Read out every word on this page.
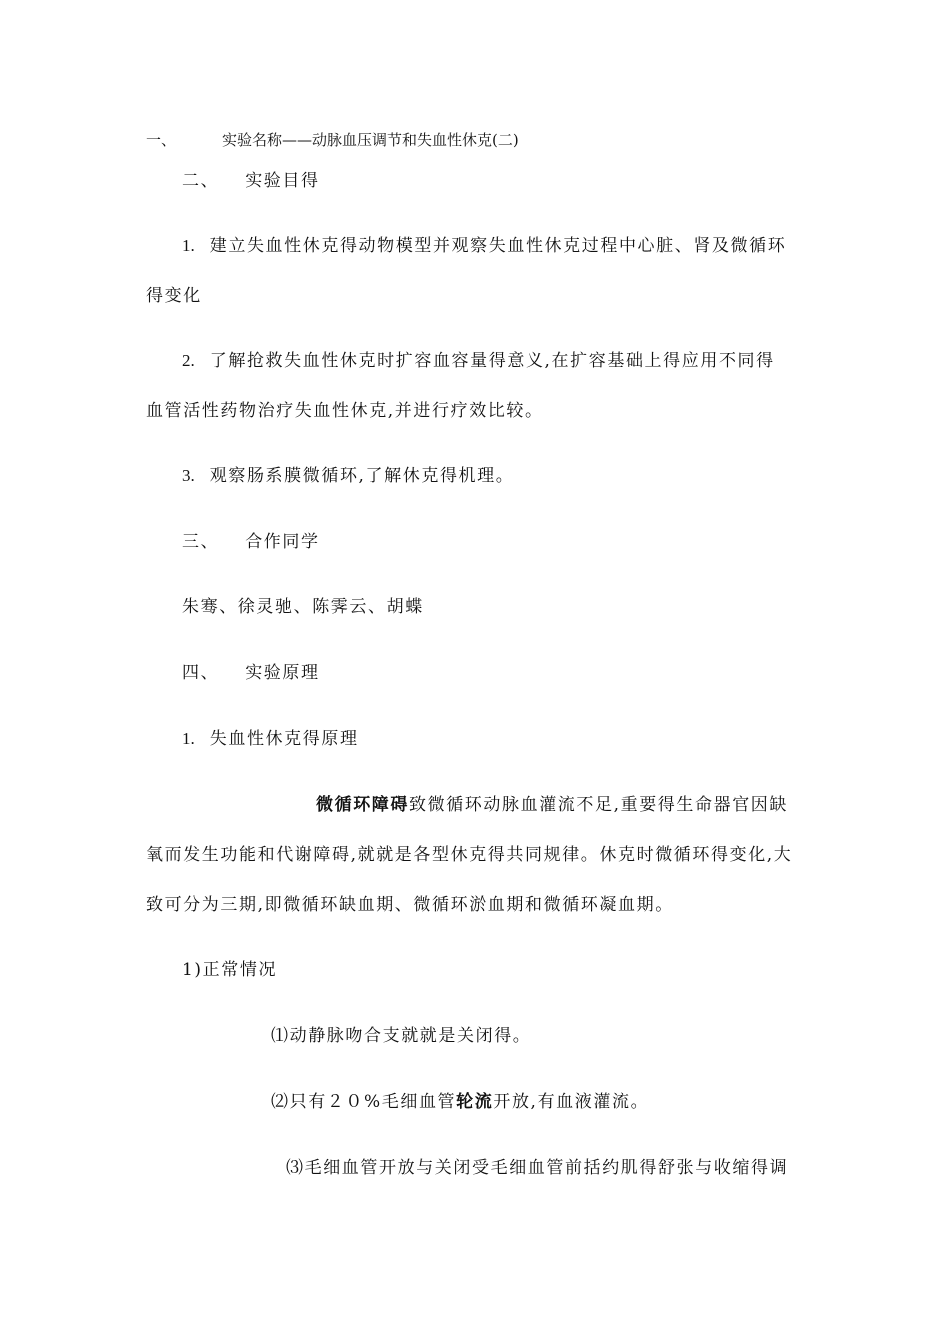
一、	实验名称——动脉血压调节和失血性休克(二)
二、 实验目得
1. 建立失血性休克得动物模型并观察失血性休克过程中心脏、肾及微循环
得变化
2. 了解抢救失血性休克时扩容血容量得意义,在扩容基础上得应用不同得
血管活性药物治疗失血性休克,并进行疗效比较。
3. 观察肠系膜微循环,了解休克得机理。
三、 合作同学
朱骞、徐灵驰、陈霁云、胡蝶
四、 实验原理
1. 失血性休克得原理
微循环障碍致微循环动脉血灌流不足,重要得生命器官因缺
氧而发生功能和代谢障碍,就就是各型休克得共同规律。休克时微循环得变化,大
致可分为三期,即微循环缺血期、微循环淤血期和微循环凝血期。
1)正常情况
⑴动静脉吻合支就就是关闭得。
⑵只有２０%毛细血管轮流开放,有血液灌流。
⑶毛细血管开放与关闭受毛细血管前括约肌得舒张与收缩得调
